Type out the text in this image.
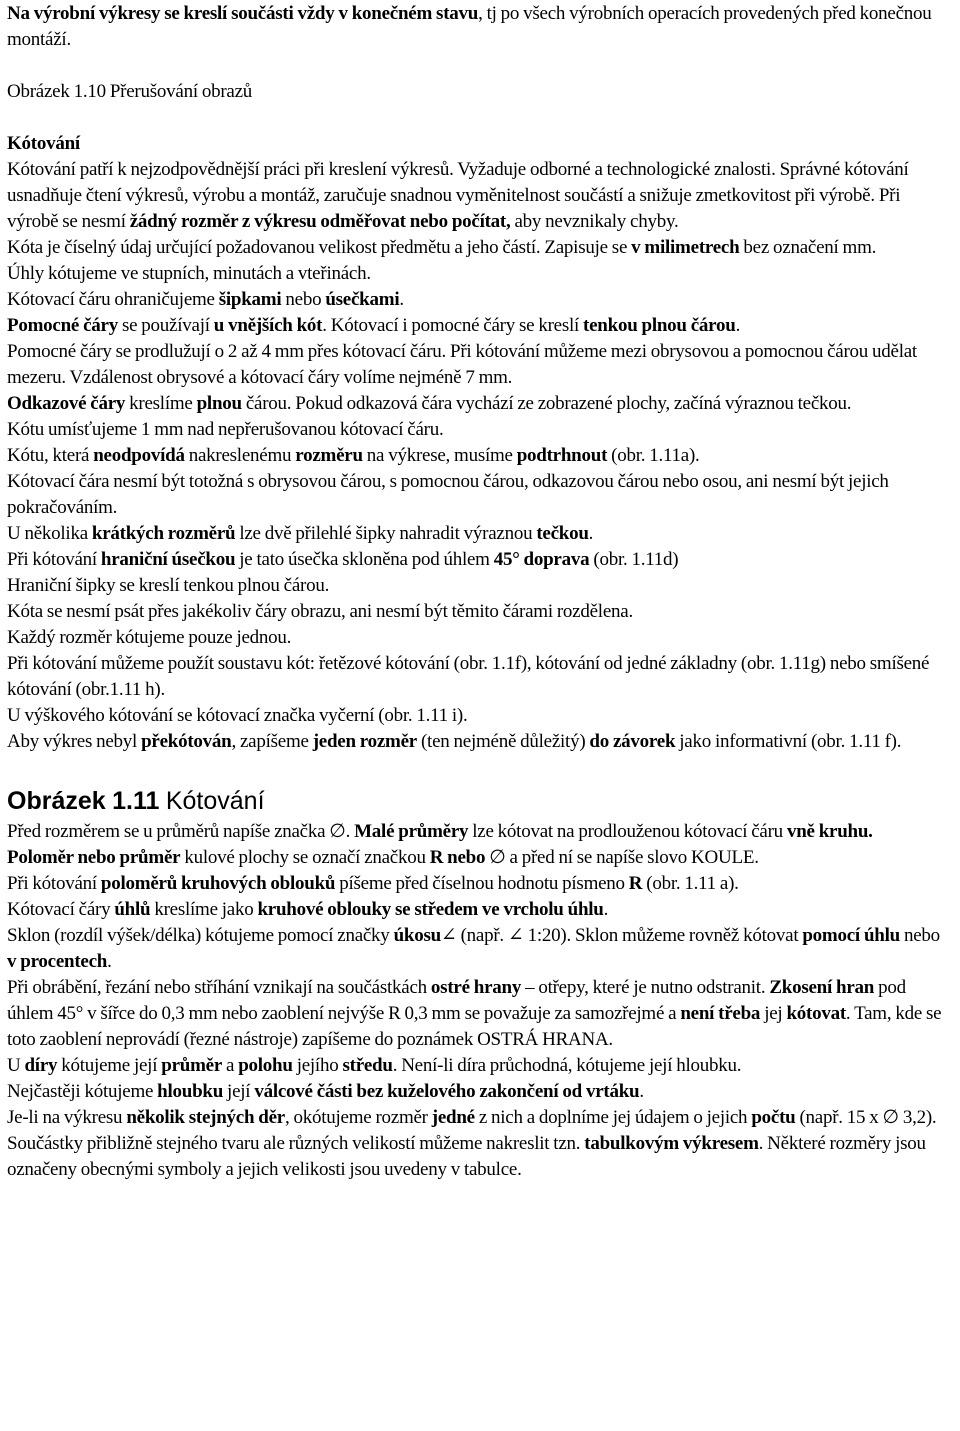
Na výrobní výkresy se kreslí součásti vždy v konečném stavu, tj po všech výrobních operacích provedených před konečnou montáží.

Obrázek 1.10 Přerušování obrazů

Kótování

Kótování patří k nejzodpovědnější práci při kreslení výkresů. Vyžaduje odborné a technologické znalosti. Správné kótování usnadňuje čtení výkresů, výrobu a montáž, zaručuje snadnou vyměnitelnost součástí a snižuje zmetkovitost při výrobě. Při výrobě se nesmí žádný rozměr z výkresu odměřovat nebo počítat, aby nevznikaly chyby.

Kóta je číselný údaj určující požadovanou velikost předmětu a jeho částí. Zapisuje se v milimetrech bez označení mm.

Úhly kótujeme ve stupních, minutách a vteřinách.

Kótovací čáru ohraničujeme šipkami nebo úsečkami.

Pomocné čáry se používají u vnějších kót. Kótovací i pomocné čáry se kreslí tenkou plnou čárou.

Pomocné čáry se prodlužují o 2 až 4 mm přes kótovací čáru. Při kótování můžeme mezi obrysovou a pomocnou čárou udělat mezeru. Vzdálenost obrysové a kótovací čáry volíme nejméně 7 mm.

Odkazové čáry kreslíme plnou čárou. Pokud odkazová čára vychází ze zobrazené plochy, začíná výraznou tečkou.

Kótu umísťujeme 1 mm nad nepřerušovanou kótovací čáru.

Kótu, která neodpovídá nakreslenému rozměru na výkrese, musíme podtrhnout (obr. 1.11a).

Kótovací čára nesmí být totožná s obrysovou čárou, s pomocnou čárou, odkazovou čárou nebo osou, ani nesmí být jejich pokračováním.

U několika krátkých rozměrů lze dvě přilehlé šipky nahradit výraznou tečkou.

Při kótování hraniční úsečkou je tato úsečka skloněna pod úhlem 45° doprava (obr. 1.11d)

Hraniční šipky se kreslí tenkou plnou čárou.

Kóta se nesmí psát přes jakékoliv čáry obrazu, ani nesmí být těmito čárami rozdělena.

Každý rozměr kótujeme pouze jednou.

Při kótování můžeme použít soustavu kót: řetězové kótování (obr. 1.1f), kótování od jedné základny (obr. 1.11g) nebo smíšené kótování (obr.1.11 h).

U výškového kótování se kótovací značka vyčerní (obr. 1.11 i).

Aby výkres nebyl překótován, zapíšeme jeden rozměr (ten nejméně důležitý) do závorek jako informativní (obr. 1.11 f).

Obrázek 1.11 Kótování

Před rozměrem se u průměrů napíše značka ∅. Malé průměry lze kótovat na prodlouženou kótovací čáru vně kruhu.

Poloměr nebo průměr kulové plochy se označí značkou R nebo ∅ a před ní se napíše slovo KOULE.

Při kótování poloměrů kruhových oblouků píšeme před číselnou hodnotu písmeno R (obr. 1.11 a).

Kótovací čáry úhlů kreslíme jako kruhové oblouky se středem ve vrcholu úhlu.

Sklon (rozdíl výšek/délka) kótujeme pomocí značky úkosu∠ (např. ∠ 1:20). Sklon můžeme rovněž kótovat pomocí úhlu nebo v procentech.

Při obrábění, řezání nebo stříhání vznikají na součástkách ostré hrany – otřepy, které je nutno odstranit. Zkosení hran pod úhlem 45° v šířce do 0,3 mm nebo zaoblení nejvýše R 0,3 mm se považuje za samozřejmé a není třeba jej kótovat. Tam, kde se toto zaoblení neprovádí (řezné nástroje) zapíšeme do poznámek OSTRÁ HRANA.

U díry kótujeme její průměr a polohu jejího středu. Není-li díra průchodná, kótujeme její hloubku.

Nejčastěji kótujeme hloubku její válcové části bez kuželového zakončení od vrtáku.

Je-li na výkresu několik stejných děr, okótujeme rozměr jedné z nich a doplníme jej údajem o jejich počtu (např. 15 x ∅ 3,2).

Součástky přibližně stejného tvaru ale různých velikostí můžeme nakreslit tzn. tabulkovým výkresem. Některé rozměry jsou označeny obecnými symboly a jejich velikosti jsou uvedeny v tabulce.
